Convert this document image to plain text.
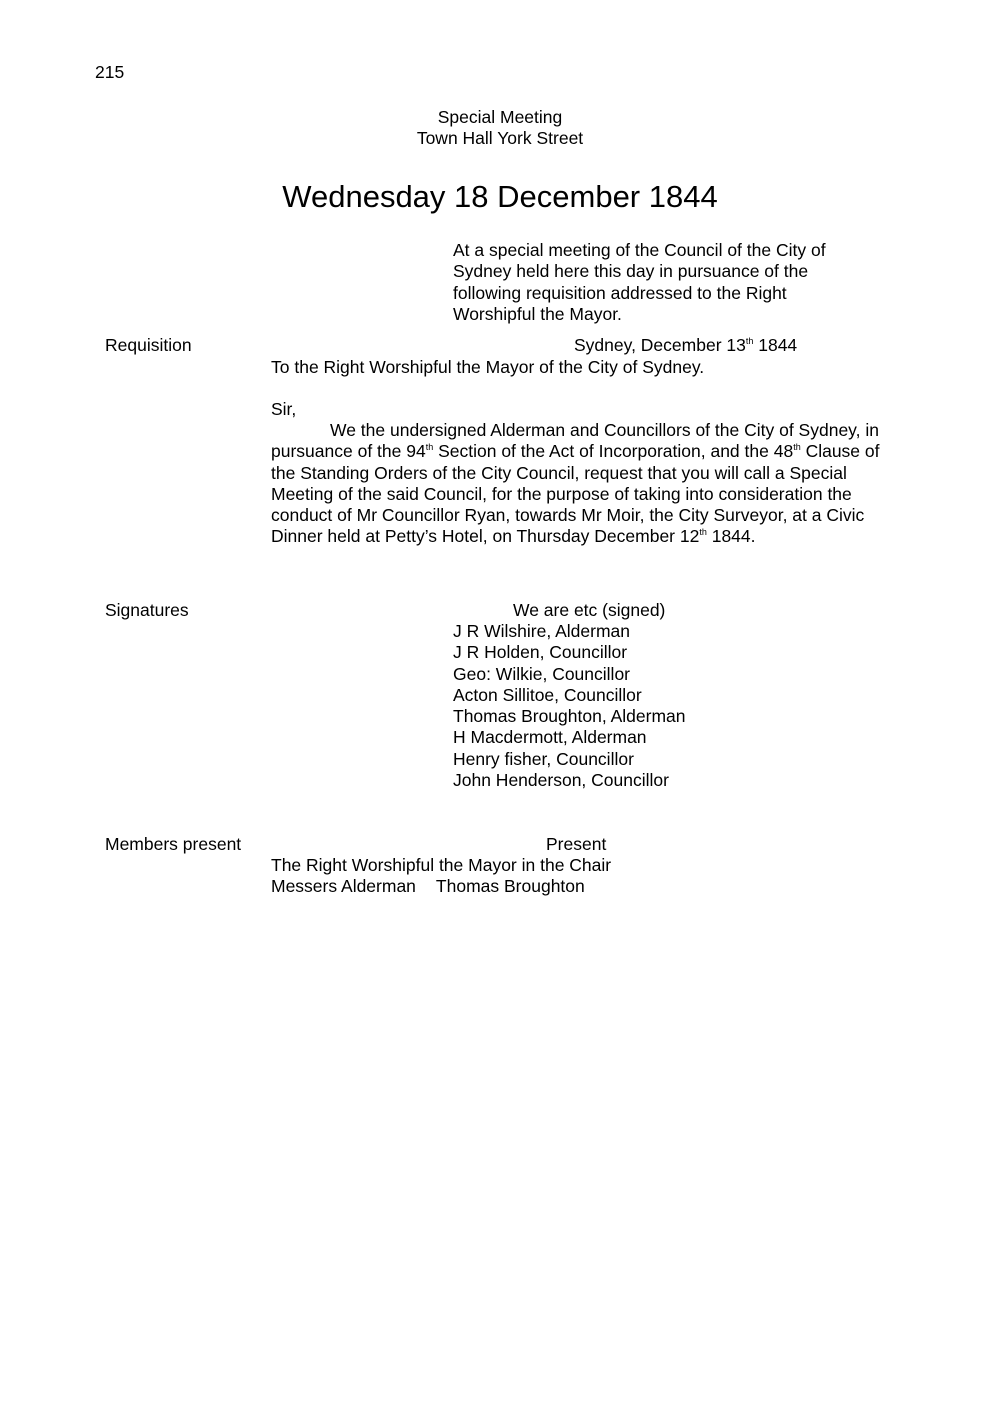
215
Special Meeting
Town Hall York Street
Wednesday 18 December 1844
At a special meeting of the Council of the City of Sydney held here this day in pursuance of the following requisition addressed to the Right Worshipful the Mayor.
Requisition	Sydney, December 13th 1844
To the Right Worshipful the Mayor of the City of Sydney.
Sir,
We the undersigned Alderman and Councillors of the City of Sydney, in pursuance of the 94th Section of the Act of Incorporation, and the 48th Clause of the Standing Orders of the City Council, request that you will call a Special Meeting of the said Council, for the purpose of taking into consideration the conduct of Mr Councillor Ryan, towards Mr Moir, the City Surveyor, at a Civic Dinner held at Petty’s Hotel, on Thursday December 12th 1844.
Signatures	We are etc (signed)
J R Wilshire, Alderman
J R Holden, Councillor
Geo: Wilkie, Councillor
Acton Sillitoe, Councillor
Thomas Broughton, Alderman
H Macdermott, Alderman
Henry fisher, Councillor
John Henderson, Councillor
Members present	Present
The Right Worshipful the Mayor in the Chair
Messers Alderman Thomas Broughton
